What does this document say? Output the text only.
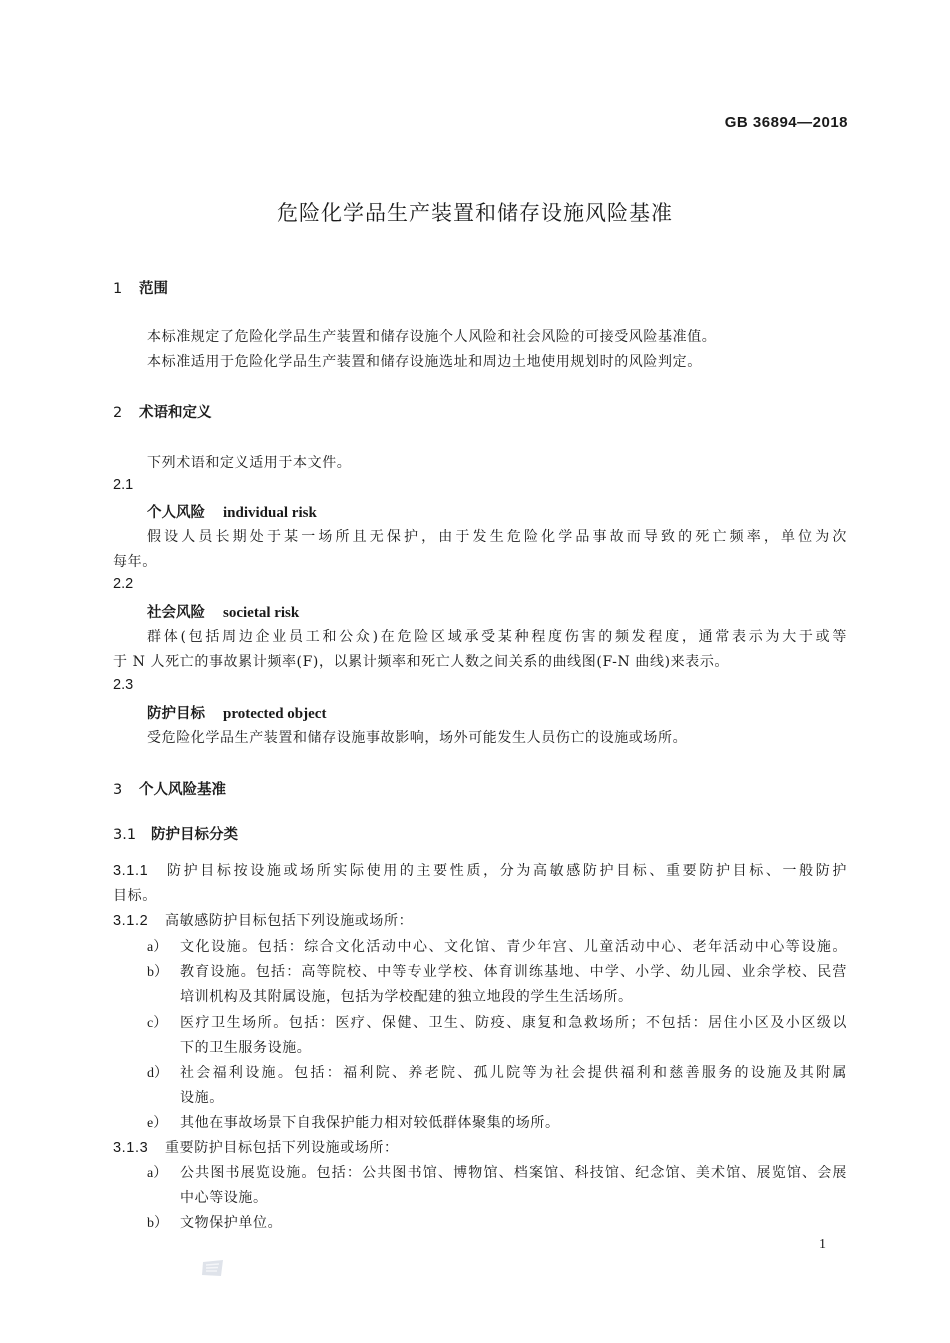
GB 36894—2018
危险化学品生产装置和储存设施风险基准
1 范围
本标准规定了危险化学品生产装置和储存设施个人风险和社会风险的可接受风险基准值。
本标准适用于危险化学品生产装置和储存设施选址和周边土地使用规划时的风险判定。
2 术语和定义
下列术语和定义适用于本文件。
2.1
个人风险 individual risk
假设人员长期处于某一场所且无保护，由于发生危险化学品事故而导致的死亡频率，单位为次
每年。
2.2
社会风险 societal risk
群体(包括周边企业员工和公众)在危险区域承受某种程度伤害的频发程度，通常表示为大于或等
于 N 人死亡的事故累计频率(F)，以累计频率和死亡人数之间关系的曲线图(F-N 曲线)来表示。
2.3
防护目标 protected object
受危险化学品生产装置和储存设施事故影响，场外可能发生人员伤亡的设施或场所。
3 个人风险基准
3.1 防护目标分类
3.1.1 防护目标按设施或场所实际使用的主要性质，分为高敏感防护目标、重要防护目标、一般防护
目标。
3.1.2 高敏感防护目标包括下列设施或场所：
a） 文化设施。包括：综合文化活动中心、文化馆、青少年宫、儿童活动中心、老年活动中心等设施。
b） 教育设施。包括：高等院校、中等专业学校、体育训练基地、中学、小学、幼儿园、业余学校、民营
培训机构及其附属设施，包括为学校配建的独立地段的学生生活场所。
c） 医疗卫生场所。包括：医疗、保健、卫生、防疫、康复和急救场所；不包括：居住小区及小区级以
下的卫生服务设施。
d） 社会福利设施。包括：福利院、养老院、孤儿院等为社会提供福利和慈善服务的设施及其附属
设施。
e） 其他在事故场景下自我保护能力相对较低群体聚集的场所。
3.1.3 重要防护目标包括下列设施或场所：
a） 公共图书展览设施。包括：公共图书馆、博物馆、档案馆、科技馆、纪念馆、美术馆、展览馆、会展
中心等设施。
b） 文物保护单位。
1
